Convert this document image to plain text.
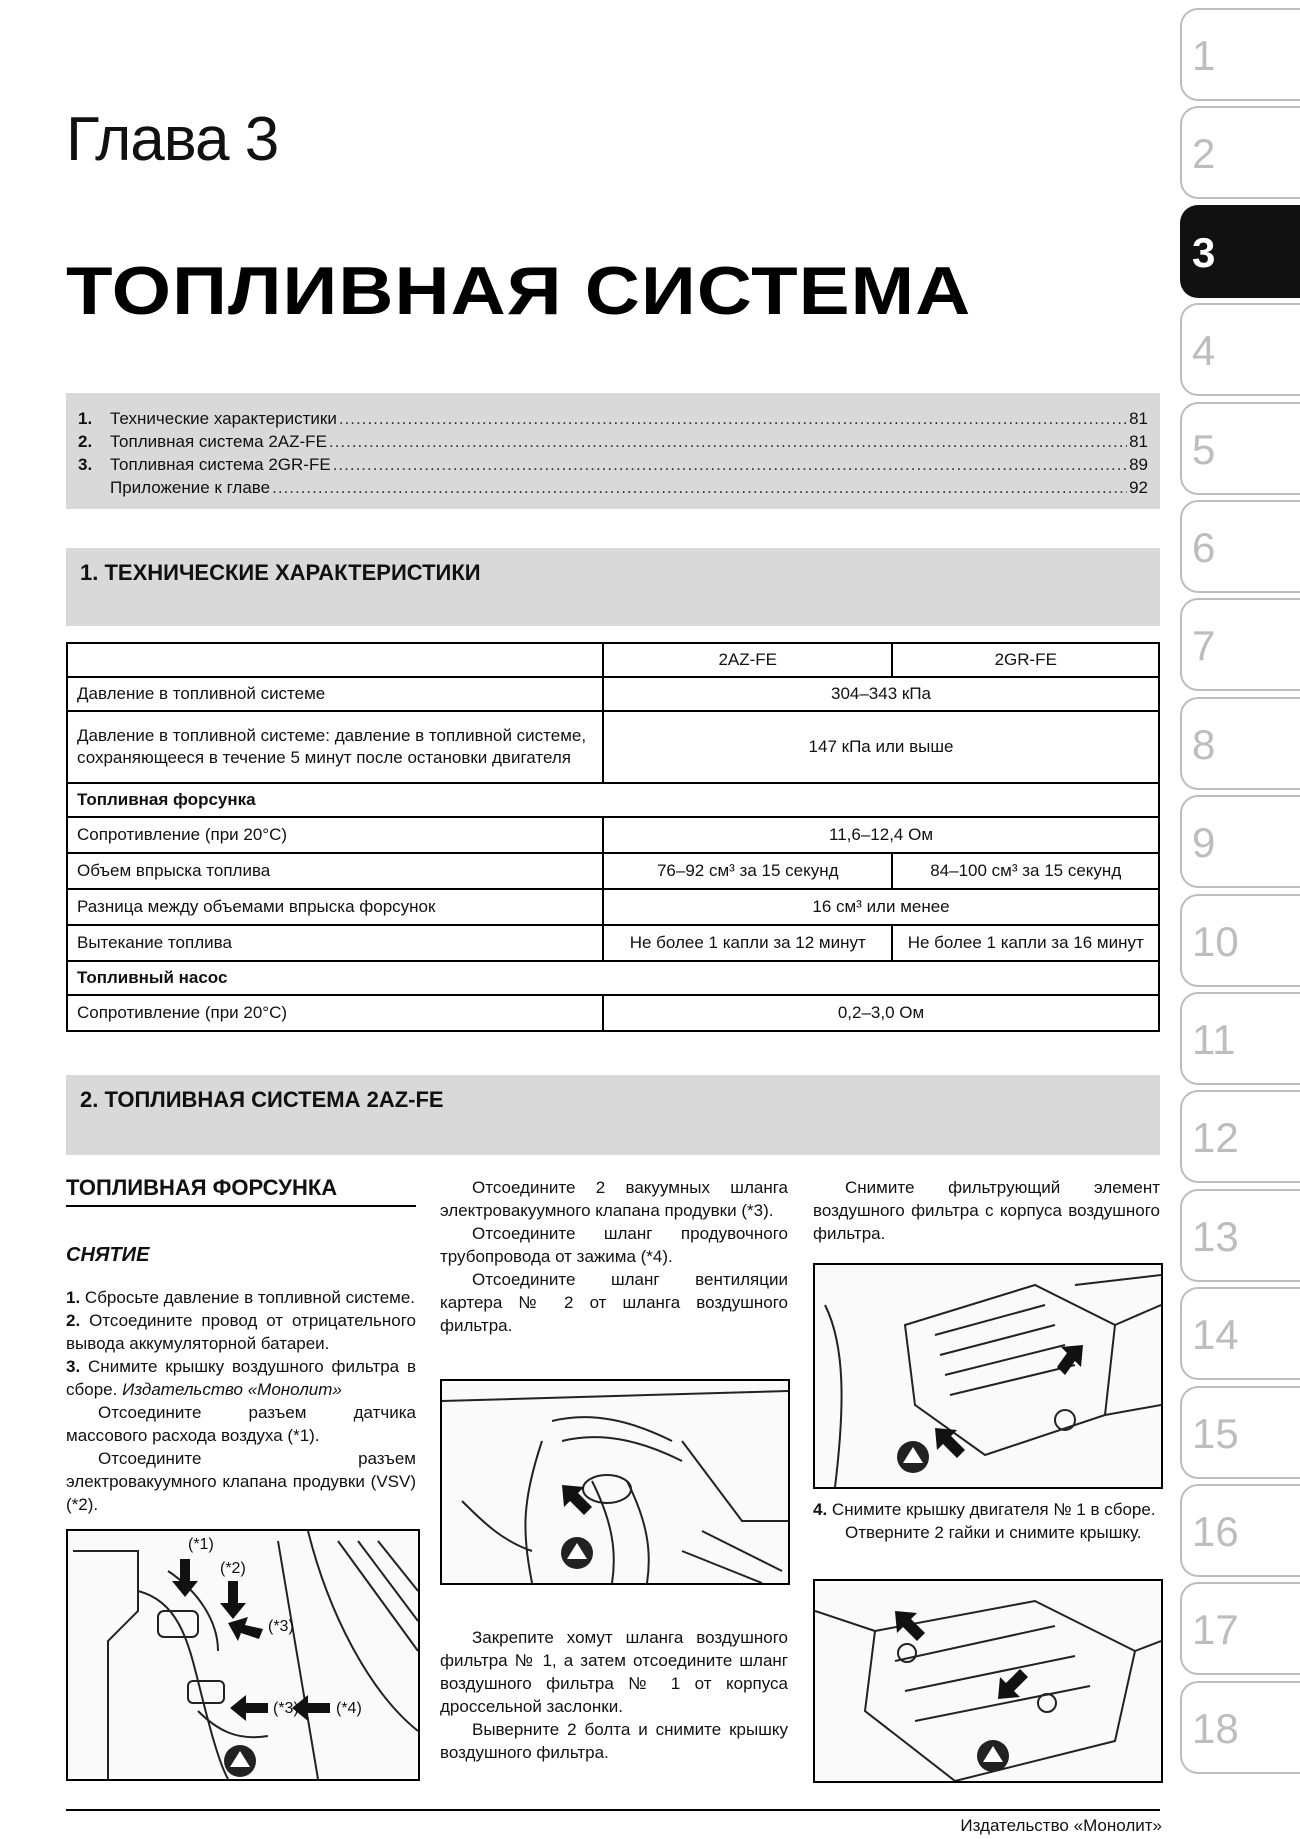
Глава 3
ТОПЛИВНАЯ СИСТЕМА
1.	Технические характеристики .....	81
2.	Топливная система 2AZ-FE .....	81
3.	Топливная система 2GR-FE .....	89
Приложение к главе .....	92
1. ТЕХНИЧЕСКИЕ ХАРАКТЕРИСТИКИ
	2AZ-FE	2GR-FE
Давление в топливной системе	304–343 кПа	
Давление в топливной системе: давление в топливной системе, сохраняющееся в течение 5 минут после остановки двигателя	147 кПа или выше	
Топливная форсунка		
Сопротивление (при 20°C)	11,6–12,4 Ом	
Объем впрыска топлива	76–92 см³ за 15 секунд	84–100 см³ за 15 секунд
Разница между объемами впрыска форсунок	16 см³ или менее	
Вытекание топлива	Не более 1 капли за 12 минут	Не более 1 капли за 16 минут
Топливный насос		
Сопротивление (при 20°C)	0,2–3,0 Ом	
2. ТОПЛИВНАЯ СИСТЕМА 2AZ-FE
ТОПЛИВНАЯ ФОРСУНКА
СНЯТИЕ

1. Сбросьте давление в топливной системе.

2. Отсоедините провод от отрицательного вывода аккумуляторной батареи.

3. Снимите крышку воздушного фильтра в сборе. Издательство «Монолит»

Отсоедините разъем датчика массового расхода воздуха (*1).

Отсоедините разъем электровакуумного клапана продувки (VSV) (*2).

(*1)
(*2)
(*3)
(*3) (*4)

Отсоедините 2 вакуумных шланга электровакуумного клапана продувки (*3).

Отсоедините шланг продувочного трубопровода от зажима (*4).

Отсоедините шланг вентиляции картера № 2 от шланга воздушного фильтра.

Закрепите хомут шланга воздушного фильтра № 1, а затем отсоедините шланг воздушного фильтра № 1 от корпуса дроссельной заслонки.

Выверните 2 болта и снимите крышку воздушного фильтра.

Снимите фильтрующий элемент воздушного фильтра с корпуса воздушного фильтра.

4. Снимите крышку двигателя № 1 в сборе.

Отверните 2 гайки и снимите крышку.

Издательство «Монолит»
1
2
3
4
5
6
7
8
9
10
11
12
13
14
15
16
17
18
